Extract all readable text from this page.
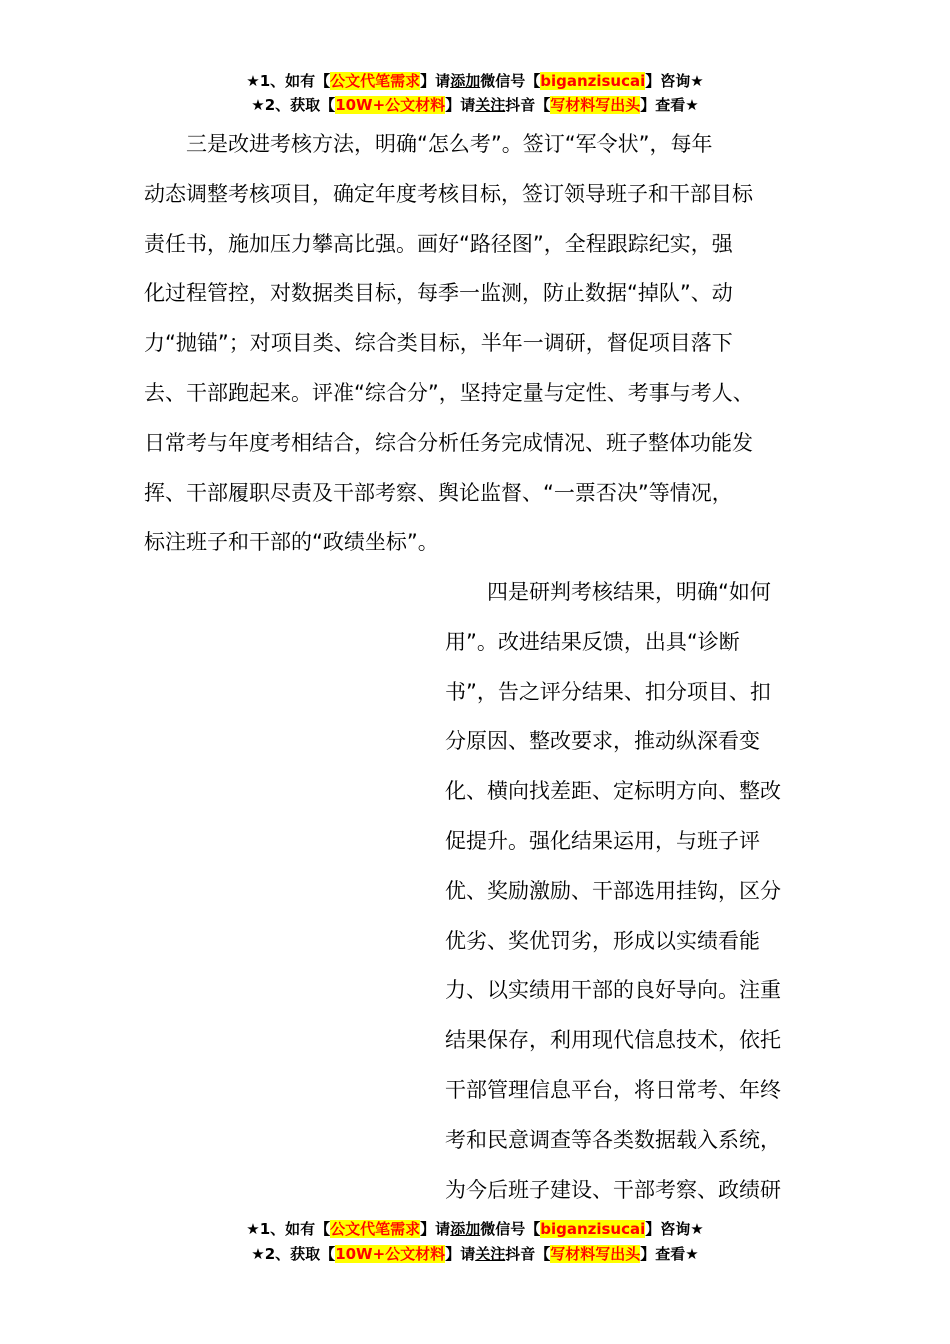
★1、如有【公文代笔需求】请添加微信号【biganzisucai】咨询★
★2、获取【10W+公文材料】请关注抖音【写材料写出头】查看★
　　三是改进考核方法，明确“怎么考”。签订“军令状”，每年
动态调整考核项目，确定年度考核目标，签订领导班子和干部目标
责任书，施加压力攀高比强。画好“路径图”，全程跟踪纪实，强
化过程管控，对数据类目标，每季一监测，防止数据“掉队”、动
力“抛锚”；对项目类、综合类目标，半年一调研，督促项目落下
去、干部跑起来。评准“综合分”，坚持定量与定性、考事与考人、
日常考与年度考相结合，综合分析任务完成情况、班子整体功能发
挥、干部履职尽责及干部考察、舆论监督、“一票否决”等情况，
标注班子和干部的“政绩坐标”。
　　四是研判考核结果，明确“如何
用”。改进结果反馈，出具“诊断
书”，告之评分结果、扣分项目、扣
分原因、整改要求，推动纵深看变
化、横向找差距、定标明方向、整改
促提升。强化结果运用，与班子评
优、奖励激励、干部选用挂钩，区分
优劣、奖优罚劣，形成以实绩看能
力、以实绩用干部的良好导向。注重
结果保存，利用现代信息技术，依托
干部管理信息平台，将日常考、年终
考和民意调查等各类数据载入系统，
为今后班子建设、干部考察、政绩研
★1、如有【公文代笔需求】请添加微信号【biganzisucai】咨询★
★2、获取【10W+公文材料】请关注抖音【写材料写出头】查看★
